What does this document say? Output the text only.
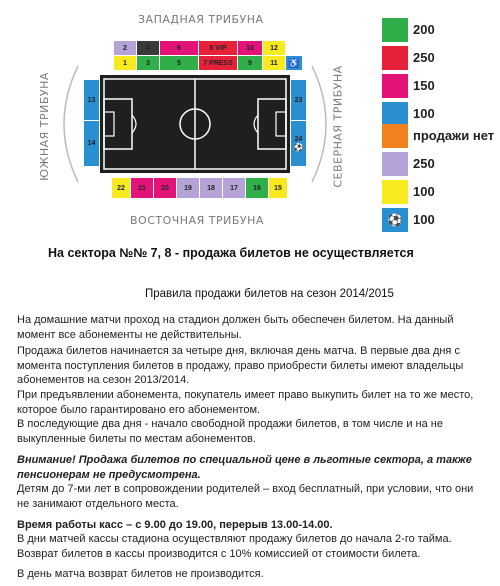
ЗАПАДНАЯ ТРИБУНА
ВОСТОЧНАЯ ТРИБУНА
ЮЖНАЯ ТРИБУНА	СЕВЕРНАЯ ТРИБУНА
2	4	6	8 VIP	10 12
1	3	5	7 PRESS 9	11 ♿
13
14
23
24
⚽
22 21 20 19 18 17 16 15
200
250
150
100
продажи нет
250
100
⚽ 100
На сектора №№ 7, 8 - продажа билетов не осуществляется
Правила продажи билетов на сезон 2014/2015
На домашние матчи проход на стадион должен быть обеспечен билетом. На данный момент все абонементы не действительны.
Продажа билетов начинается за четыре дня, включая день матча. В первые два дня с момента поступления билетов в продажу, право приобрести билеты имеют владельцы абонементов на сезон 2013/2014.
При предъявлении абонемента, покупатель имеет право выкупить билет на то же место, которое было гарантировано его абонементом.
В последующие два дня - начало свободной продажи билетов, в том числе и на не выкупленные билеты по местам абонементов.
Внимание! Продажа билетов по специальной цене в льготные сектора, а также пенсионерам не предусмотрена.
Детям до 7-ми лет в сопровождении родителей – вход бесплатный, при условии, что они не занимают отдельного места.
Время работы касс – с 9.00 до 19.00, перерыв 13.00-14.00.
В дни матчей кассы стадиона осуществляют продажу билетов до начала 2-го тайма. Возврат билетов в кассы производится с 10% комиссией от стоимости билета.
В день матча возврат билетов не производится.
